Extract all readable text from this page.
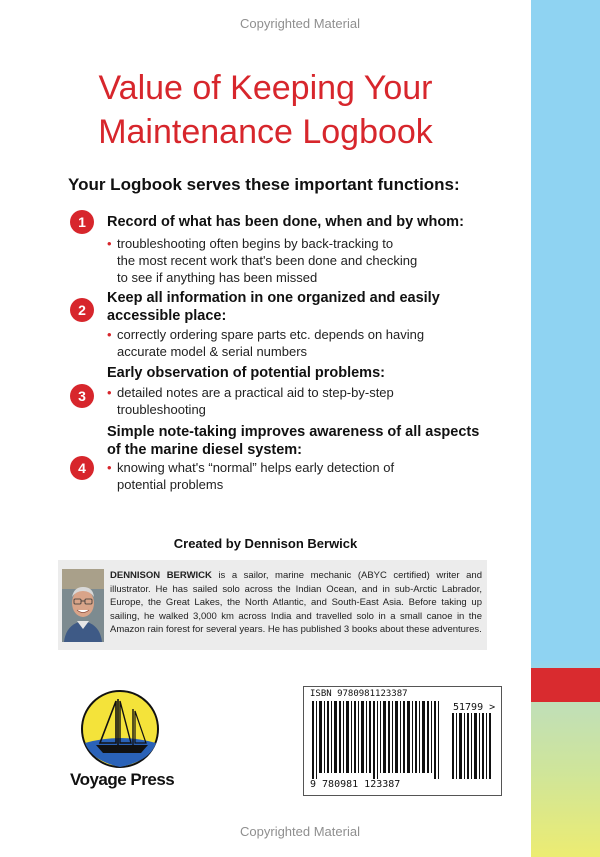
Copyrighted Material
Value of Keeping Your
Maintenance Logbook
Your Logbook serves these important functions:
1	Record of what has been done, when and by whom:
• troubleshooting often begins by back-tracking to
the most recent work that's been done and checking
to see if anything has been missed
2
Keep all information in one organized and easily
accessible place:
• correctly ordering spare parts etc. depends on having
accurate model & serial numbers
3
Early observation of potential problems:
• detailed notes are a practical aid to step-by-step
troubleshooting
4
Simple note-taking improves awareness of all aspects
of the marine diesel system:
• knowing what's “normal” helps early detection of
potential problems
Created by Dennison Berwick
DENNISON BERWICK is a sailor, marine mechanic (ABYC certified) writer and illustrator. He has sailed solo across the Indian Ocean, and in sub-Arctic Labrador, Europe, the Great Lakes, the North Atlantic, and South-East Asia. Before taking up sailing, he walked 3,000 km across India and travelled solo in a small canoe in the Amazon rain forest for several years. He has published 3 books about these adventures.
Voyage Press
ISBN 9780981123387
51799 >
9 780981 123387
Copyrighted Material
